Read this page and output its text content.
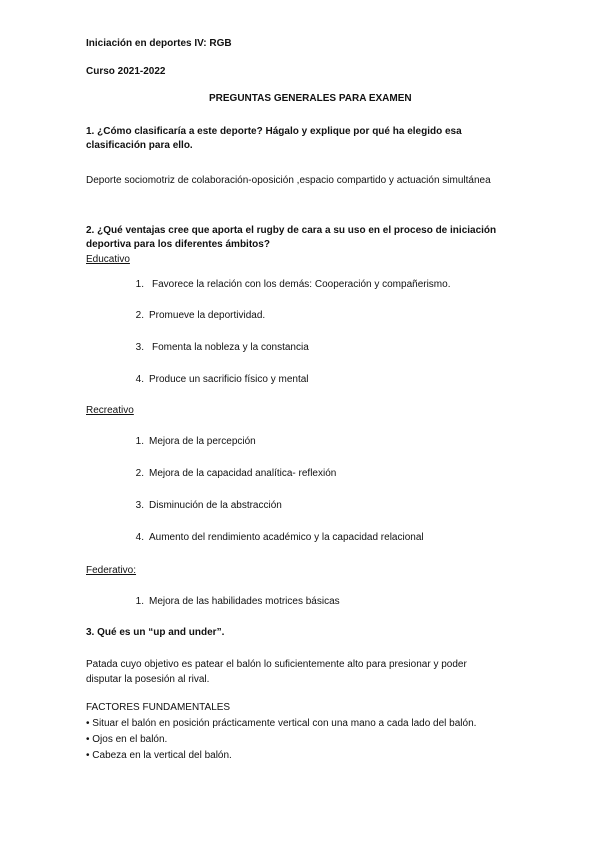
Iniciación en deportes IV: RGB
Curso 2021-2022
PREGUNTAS GENERALES PARA EXAMEN
1. ¿Cómo clasificaría a este deporte? Hágalo y explique por qué ha elegido esa clasificación para ello.
Deporte sociomotriz de colaboración-oposición ,espacio compartido y actuación simultánea
2. ¿Qué ventajas cree que aporta el rugby de cara a su uso en el proceso de iniciación deportiva para los diferentes ámbitos?
Educativo
1. Favorece la relación con los demás: Cooperación y compañerismo.
2. Promueve la deportividad.
3. Fomenta la nobleza y la constancia
4. Produce un sacrificio físico y mental
Recreativo
1. Mejora de la percepción
2. Mejora de la capacidad analítica- reflexión
3. Disminución de la abstracción
4. Aumento del rendimiento académico y la capacidad relacional
Federativo:
1. Mejora de las habilidades motrices básicas
3. Qué es un “up and under”.
Patada cuyo objetivo es patear el balón lo suficientemente alto para presionar y poder disputar la posesión al rival.
FACTORES FUNDAMENTALES
• Situar el balón en posición prácticamente vertical con una mano a cada lado del balón.
• Ojos en el balón.
• Cabeza en la vertical del balón.
